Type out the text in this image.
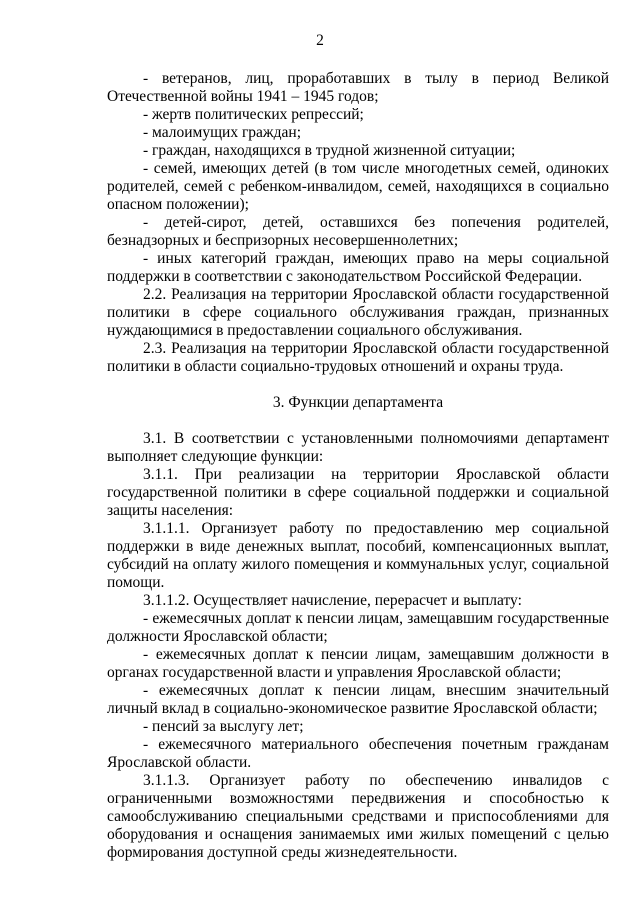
2

- ветеранов, лиц, проработавших в тылу в период Великой Отечественной войны 1941 – 1945 годов;

- жертв политических репрессий;

- малоимущих граждан;

- граждан, находящихся в трудной жизненной ситуации;

- семей, имеющих детей (в том числе многодетных семей, одиноких родителей, семей с ребенком-инвалидом, семей, находящихся в социально опасном положении);

- детей-сирот, детей, оставшихся без попечения родителей, безнадзорных и беспризорных несовершеннолетних;

- иных категорий граждан, имеющих право на меры социальной поддержки в соответствии с законодательством Российской Федерации.

2.2. Реализация на территории Ярославской области государственной политики в сфере социального обслуживания граждан, признанных нуждающимися в предоставлении социального обслуживания.

2.3. Реализация на территории Ярославской области государственной политики в области социально-трудовых отношений и охраны труда.

3. Функции департамента

3.1. В соответствии с установленными полномочиями департамент выполняет следующие функции:

3.1.1. При реализации на территории Ярославской области государственной политики в сфере социальной поддержки и социальной защиты населения:

3.1.1.1. Организует работу по предоставлению мер социальной поддержки в виде денежных выплат, пособий, компенсационных выплат, субсидий на оплату жилого помещения и коммунальных услуг, социальной помощи.

3.1.1.2. Осуществляет начисление, перерасчет и выплату:

- ежемесячных доплат к пенсии лицам, замещавшим государственные должности Ярославской области;

- ежемесячных доплат к пенсии лицам, замещавшим должности в органах государственной власти и управления Ярославской области;

- ежемесячных доплат к пенсии лицам, внесшим значительный личный вклад в социально-экономическое развитие Ярославской области;

- пенсий за выслугу лет;

- ежемесячного материального обеспечения почетным гражданам Ярославской области.

3.1.1.3. Организует работу по обеспечению инвалидов с ограниченными возможностями передвижения и способностью к самообслуживанию специальными средствами и приспособлениями для оборудования и оснащения занимаемых ими жилых помещений с целью формирования доступной среды жизнедеятельности.
